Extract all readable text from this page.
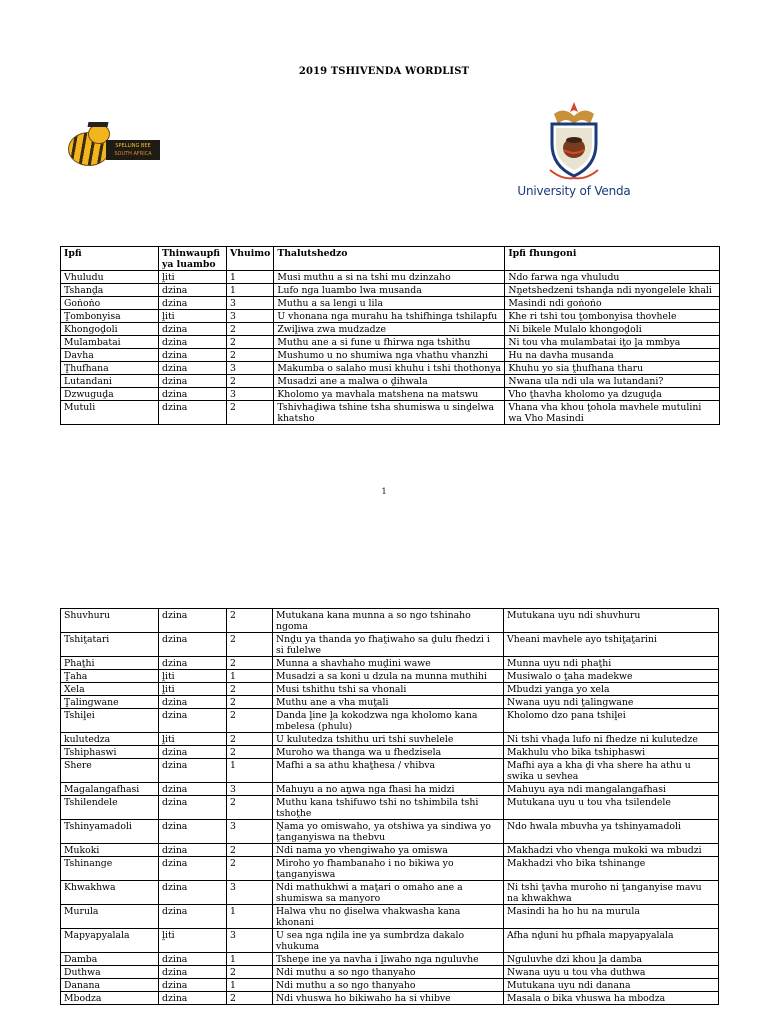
2019 TSHIVENDA WORDLIST
SPELLING BEE
SOUTH AFRICA
University of Venda
Ipfi	Thinwaupfi ya luambo	Vhuimo	Thalutshedzo	Ipfi fhungoni
Vhuludu	ḽiti	1	Musi muthu a si na tshi mu dzinzaho	Ndo farwa nga vhuludu
Tshanḓa	dzina	1	Lufo nga luambo lwa musanda	Nṋetshedzeni tshanḓa ndi nyongelele khali
Goṅoṅo	dzina	3	Muthu a sa lengi u lila	Masindi ndi goṅoṅo
Ṱombonyisa	ḽiti	3	U vhonana nga murahu ha tshifhinga tshilapfu	Khe ri tshi tou ṱombonyisa thovhele
Khongoḓoli	dzina	2	Zwiḽiwa zwa mudzadze	Ni bikele Mulalo khongoḓoli
Mulambatai	dzina	2	Muthu ane a si fune u fhirwa nga tshithu	Ni tou vha mulambatai iṱo ḽa mmbya
Davha	dzina	2	Mushumo u no shumiwa nga vhathu vhanzhi	Hu na davha musanda
Ṱhufhana	dzina	3	Makumba o salaho musi khuhu i tshi thothonya	Khuhu yo sia ṱhufhana tharu
Lutandani	dzina	2	Musadzi ane a malwa o ḓihwala	Nwana ula ndi ula wa lutandani?
Dzwuguḓa	dzina	3	Kholomo ya mavhala matshena na matswu	Vho ṱhavha kholomo ya dzuguḓa
Mutuli	dzina	2	Tshivhaḓiwa tshine tsha shumiswa u sinḓelwa khatsho	Vhana vha khou ṱohola mavhele mutulini wa Vho Masindi
1
Shuvhuru	dzina	2	Mutukana kana munna a so ngo tshinaho ngoma	Mutukana uyu ndi shuvhuru
Tshiṱatari	dzina	2	Nnḓu ya thanda yo fhaṱiwaho sa ḓulu fhedzi i si fulelwe	Vheani mavhele ayo tshiṱaṱarini
Phaṱhi	dzina	2	Munna a shavhaho muḓini wawe	Munna uyu ndi phaṱhi
Ṱaha	ḽiti	1	Musadzi a sa koni u dzula na munna muthihi	Musiwalo o ṱaha madekwe
Xela	ḽiti	2	Musi tshithu tshi sa vhonali	Mbudzi yanga yo xela
Ṱalingwane	dzina	2	Muthu ane a vha muṱali	Nwana uyu ndi ṱalingwane
Tshiḽei	dzina	2	Danda ḽine ḽa kokodzwa nga kholomo kana mbelesa (phulu)	Kholomo dzo pana tshiḽei
kulutedza	ḽiti	2	U kulutedza tshithu uri tshi suvhelele	Ni tshi vhaḓa lufo ni fhedze ni kulutedze
Tshiphaswi	dzina	2	Muroho wa thanga wa u fhedzisela	Makhulu vho bika tshiphaswi
Shere	dzina	1	Mafhi a sa athu khaṱhesa / vhibva	Mafhi aya a kha ḓi vha shere ha athu u swika u sevhea
Magalangafhasi	dzina	3	Mahuyu a no aṋwa nga fhasi ha midzi	Mahuyu aya ndi mangalangafhasi
Tshilendele	dzina	2	Muthu kana tshifuwo tshi no tshimbila tshi tshoṱhe	Mutukana uyu u tou vha tsilendele
Tshinyamadoli	dzina	3	Ṋama yo omiswaho, ya otshiwa ya sindiwa yo ṱanganyiswa na thebvu	Ndo hwala mbuvha ya tshinyamadoli
Mukoki	dzina	2	Ndi nama yo vhengiwaho ya omiswa	Makhadzi vho vhenga mukoki wa mbudzi
Tshinange	dzina	2	Miroho yo fhambanaho i no bikiwa yo ṱanganyiswa	Makhadzi vho bika tshinange
Khwakhwa	dzina	3	Ndi mathukhwi a maṱari o omaho ane a shumiswa sa manyoro	Ni tshi ṱavha muroho ni ṱanganyise mavu na khwakhwa
Murula	dzina	1	Halwa vhu no ḓiselwa vhakwasha kana khonani	Masindi ha ho hu na murula
Mapyapyalala	ḽiti	3	U sea nga nḓila ine ya sumbrdza dakalo vhukuma	Afha nḓuni hu pfhala mapyapyalala
Damba	dzina	1	Tsheṋe ine ya navha i ḽiwaho nga nguluvhe	Nguluvhe dzi khou ḽa damba
Duthwa	dzina	2	Ndi muthu a so ngo thanyaho	Nwana uyu u tou vha duthwa
Danana	dzina	1	Ndi muthu a so ngo thanyaho	Mutukana uyu ndi danana
Mbodza	dzina	2	Ndi vhuswa ho bikiwaho ha si vhibve	Masala o bika vhuswa ha mbodza
